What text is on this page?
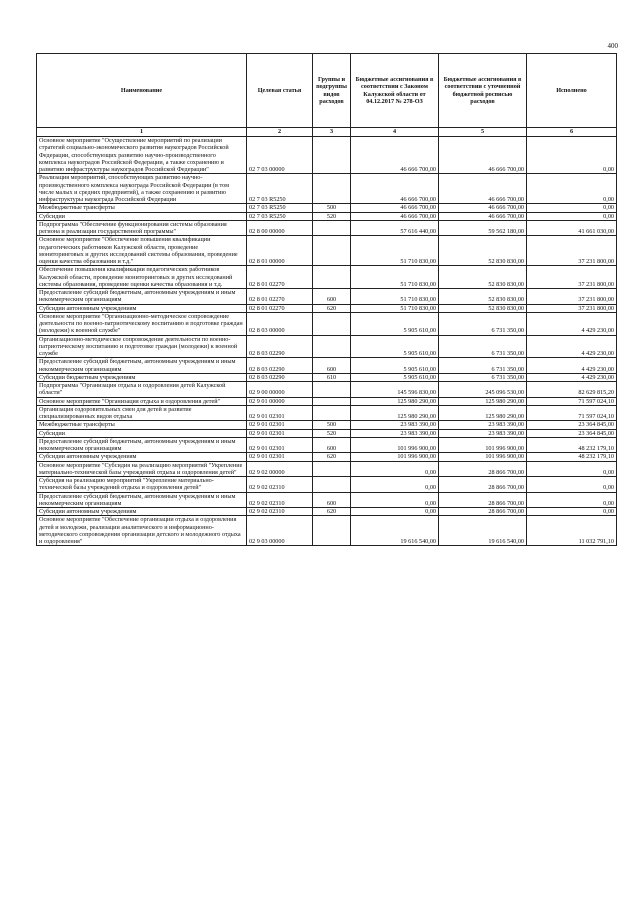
400
Наименование	Целевая статья	Группы и подгруппы видов расходов	Бюджетные ассигнования в соответствии с Законом Калужской области от 04.12.2017 № 278-ОЗ	Бюджетные ассигнования в соответствии с уточненной бюджетной росписью расходов	Исполнено
1	2	3	4	5	6
Основное мероприятие "Осуществление мероприятий по реализации стратегий социально-экономического развития наукоградов Российской Федерации, способствующих развитию научно-производственного комплекса наукоградов Российской Федерации, а также сохранению и развитию инфраструктуры наукоградов Российской Федерации"	02 7 03 00000		46 666 700,00	46 666 700,00	0,00
Реализация мероприятий, способствующих развитию научно-производственного комплекса наукограда Российской Федерации (в том числе малых и средних предприятий), а также сохранению и развитию инфраструктуры наукограда Российской Федерации	02 7 03 R5250		46 666 700,00	46 666 700,00	0,00
Межбюджетные трансферты	02 7 03 R5250	500	46 666 700,00	46 666 700,00	0,00
Субсидии	02 7 03 R5250	520	46 666 700,00	46 666 700,00	0,00
Подпрограмма "Обеспечение функционирования системы образования региона и реализации государственной программы"	02 8 00 00000		57 616 440,00	59 562 180,00	41 661 030,00
Основное мероприятие "Обеспечение повышения квалификации педагогических работников Калужской области, проведение мониторинговых и других исследований системы образования, проведение оценки качества образования и т.д."	02 8 01 00000		51 710 830,00	52 830 830,00	37 231 800,00
Обеспечение повышения квалификации педагогических работников Калужской области, проведение мониторинговых и других исследований системы образования, проведение оценки качества образования и т.д.	02 8 01 02270		51 710 830,00	52 830 830,00	37 231 800,00
Предоставление субсидий бюджетным, автономным учреждениям и иным некоммерческим организациям	02 8 01 02270	600	51 710 830,00	52 830 830,00	37 231 800,00
Субсидии автономным учреждениям	02 8 01 02270	620	51 710 830,00	52 830 830,00	37 231 800,00
Основное мероприятие "Организационно-методическое сопровождение деятельности по военно-патриотическому воспитанию и подготовке граждан (молодежи) к военной службе"	02 8 03 00000		5 905 610,00	6 731 350,00	4 429 230,00
Организационно-методическое сопровождение деятельности по военно-патриотическому воспитанию и подготовке граждан (молодежи) к военной службе	02 8 03 02290		5 905 610,00	6 731 350,00	4 429 230,00
Предоставление субсидий бюджетным, автономным учреждениям и иным некоммерческим организациям	02 8 03 02290	600	5 905 610,00	6 731 350,00	4 429 230,00
Субсидии бюджетным учреждениям	02 8 03 02290	610	5 905 610,00	6 731 350,00	4 429 230,00
Подпрограмма "Организация отдыха и оздоровления детей Калужской области"	02 9 00 00000		145 596 830,00	245 096 530,00	82 629 815,20
Основное мероприятие "Организация отдыха и оздоровления детей"	02 9 01 00000		125 980 290,00	125 980 290,00	71 597 024,10
Организация оздоровительных смен для детей и развитие специализированных видов отдыха	02 9 01 02301		125 980 290,00	125 980 290,00	71 597 024,10
Межбюджетные трансферты	02 9 01 02301	500	23 983 390,00	23 983 390,00	23 364 845,00
Субсидии	02 9 01 02301	520	23 983 390,00	23 983 390,00	23 364 845,00
Предоставление субсидий бюджетным, автономным учреждениям и иным некоммерческим организациям	02 9 01 02301	600	101 996 900,00	101 996 900,00	48 232 179,10
Субсидии автономным учреждениям	02 9 01 02301	620	101 996 900,00	101 996 900,00	48 232 179,10
Основное мероприятие "Субсидия на реализацию мероприятий "Укрепление материально-технической базы учреждений отдыха и оздоровления детей"	02 9 02 00000		0,00	28 866 700,00	0,00
Субсидия на реализацию мероприятий "Укрепление материально-технической базы учреждений отдыха и оздоровления детей"	02 9 02 02310		0,00	28 866 700,00	0,00
Предоставление субсидий бюджетным, автономным учреждениям и иным некоммерческим организациям	02 9 02 02310	600	0,00	28 866 700,00	0,00
Субсидии автономным учреждениям	02 9 02 02310	620	0,00	28 866 700,00	0,00
Основное мероприятие "Обеспечение организации отдыха и оздоровления детей и молодежи, реализации аналитического и информационно-методического сопровождения организации детского и молодежного отдыха и оздоровления"	02 9 03 00000		19 616 540,00	19 616 540,00	11 032 791,10
